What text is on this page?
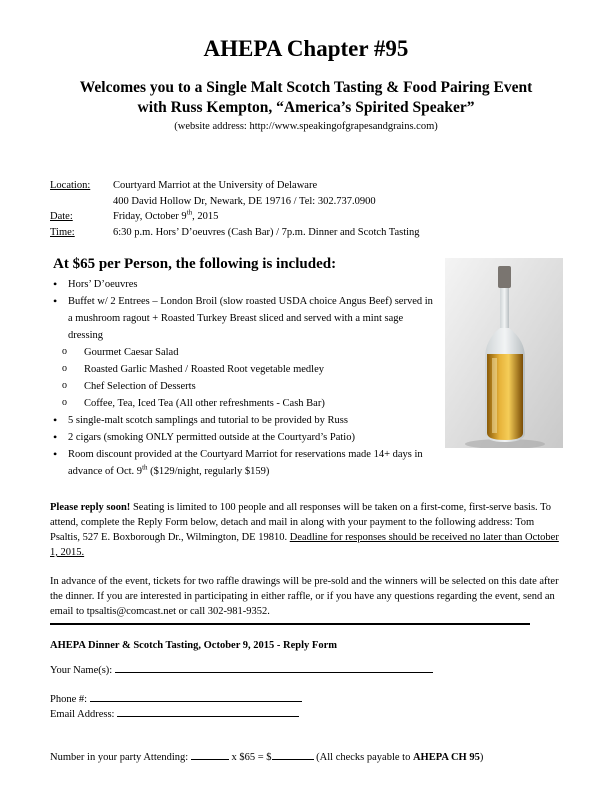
AHEPA Chapter #95
Welcomes you to a Single Malt Scotch Tasting & Food Pairing Event
with Russ Kempton, “America’s Spirited Speaker”
(website address: http://www.speakingofgrapesandgrains.com)
Location: Courtyard Marriot at the University of Delaware
400 David Hollow Dr, Newark, DE 19716 / Tel: 302.737.0900
Date:	Friday, October 9th, 2015
Time:	6:30 p.m. Hors’ D’oeuvres (Cash Bar) / 7p.m. Dinner and Scotch Tasting
At $65 per Person, the following is included:
• Hors’ D’oeuvres
• Buffet w/ 2 Entrees – London Broil (slow roasted USDA choice Angus Beef) served in a mushroom ragout + Roasted Turkey Breast sliced and served with a mint sage dressing
o Gourmet Caesar Salad
o Roasted Garlic Mashed / Roasted Root vegetable medley
o Chef Selection of Desserts
o Coffee, Tea, Iced Tea (All other refreshments - Cash Bar)
• 5 single-malt scotch samplings and tutorial to be provided by Russ
• 2 cigars (smoking ONLY permitted outside at the Courtyard’s Patio)
• Room discount provided at the Courtyard Marriot for reservations made 14+ days in advance of Oct. 9th ($129/night, regularly $159)
Please reply soon! Seating is limited to 100 people and all responses will be taken on a first-come, first-serve basis. To attend, complete the Reply Form below, detach and mail in along with your payment to the following address: Tom Psaltis, 527 E. Boxborough Dr., Wilmington, DE 19810. Deadline for responses should be received no later than October 1, 2015.
In advance of the event, tickets for two raffle drawings will be pre-sold and the winners will be selected on this date after the dinner. If you are interested in participating in either raffle, or if you have any questions regarding the event, send an email to tpsaltis@comcast.net or call 302-981-9352.
AHEPA Dinner & Scotch Tasting, October 9, 2015 - Reply Form
Your Name(s):
Phone #:
Email Address:
Number in your party Attending:	x $65 = $	(All checks payable to AHEPA CH 95)
